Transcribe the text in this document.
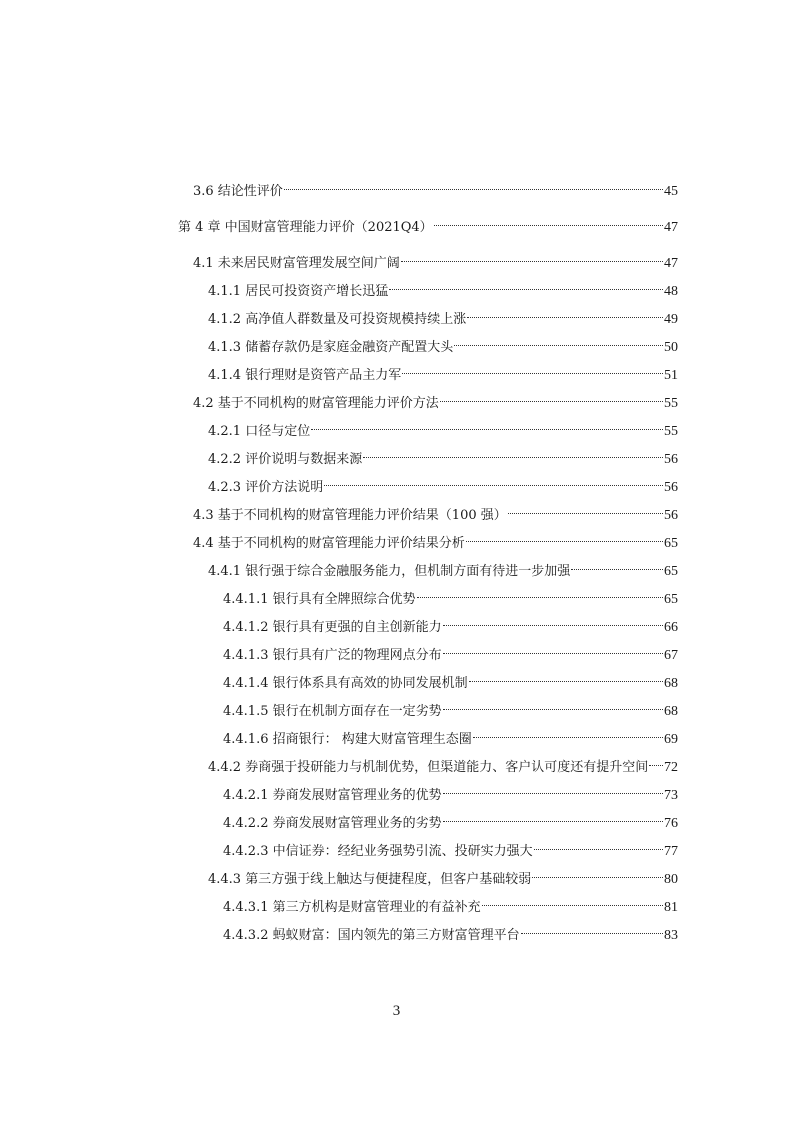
3.6 结论性评价	45
第 4 章 中国财富管理能力评价（2021Q4）	47
4.1 未来居民财富管理发展空间广阔	47
4.1.1 居民可投资资产增长迅猛	48
4.1.2 高净值人群数量及可投资规模持续上涨	49
4.1.3 储蓄存款仍是家庭金融资产配置大头	50
4.1.4 银行理财是资管产品主力军	51
4.2 基于不同机构的财富管理能力评价方法	55
4.2.1 口径与定位	55
4.2.2 评价说明与数据来源	56
4.2.3 评价方法说明	56
4.3 基于不同机构的财富管理能力评价结果（100 强）	56
4.4 基于不同机构的财富管理能力评价结果分析	65
4.4.1 银行强于综合金融服务能力，但机制方面有待进一步加强	65
4.4.1.1 银行具有全牌照综合优势	65
4.4.1.2 银行具有更强的自主创新能力	66
4.4.1.3 银行具有广泛的物理网点分布	67
4.4.1.4 银行体系具有高效的协同发展机制	68
4.4.1.5 银行在机制方面存在一定劣势	68
4.4.1.6 招商银行： 构建大财富管理生态圈	69
4.4.2 券商强于投研能力与机制优势，但渠道能力、客户认可度还有提升空间 72
4.4.2.1 券商发展财富管理业务的优势	73
4.4.2.2 券商发展财富管理业务的劣势	76
4.4.2.3 中信证券：经纪业务强势引流、投研实力强大	77
4.4.3 第三方强于线上触达与便捷程度，但客户基础较弱	80
4.4.3.1 第三方机构是财富管理业的有益补充	81
4.4.3.2 蚂蚁财富：国内领先的第三方财富管理平台	83
3
